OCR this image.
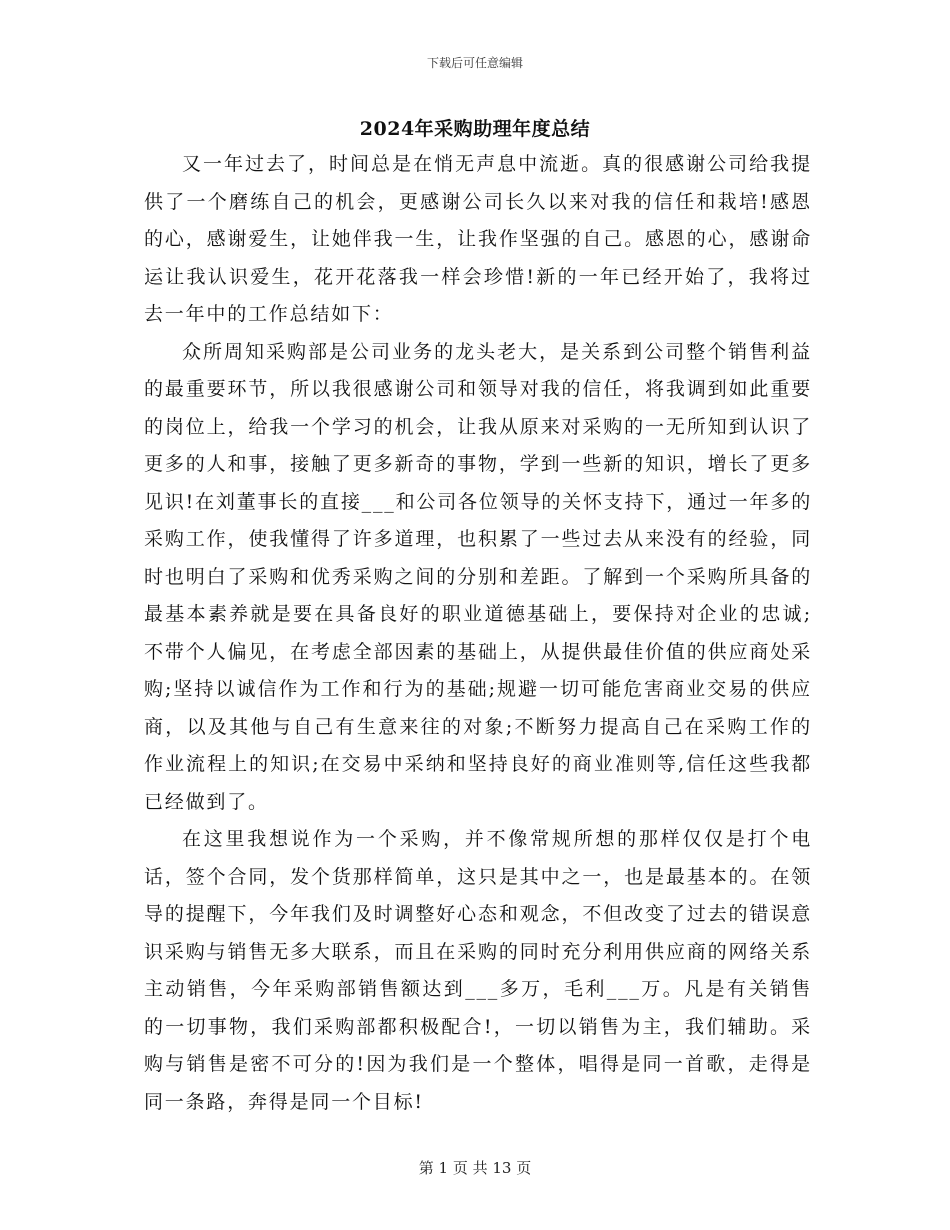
下载后可任意编辑
2024年采购助理年度总结

又一年过去了，时间总是在悄无声息中流逝。真的很感谢公司给我提供了一个磨练自己的机会，更感谢公司长久以来对我的信任和栽培!感恩的心，感谢爱生，让她伴我一生，让我作坚强的自己。感恩的心，感谢命运让我认识爱生，花开花落我一样会珍惜!新的一年已经开始了，我将过去一年中的工作总结如下：

众所周知采购部是公司业务的龙头老大，是关系到公司整个销售利益的最重要环节，所以我很感谢公司和领导对我的信任，将我调到如此重要的岗位上，给我一个学习的机会，让我从原来对采购的一无所知到认识了更多的人和事，接触了更多新奇的事物，学到一些新的知识，增长了更多见识!在刘董事长的直接___和公司各位领导的关怀支持下，通过一年多的采购工作，使我懂得了许多道理，也积累了一些过去从来没有的经验，同时也明白了采购和优秀采购之间的分别和差距。了解到一个采购所具备的最基本素养就是要在具备良好的职业道德基础上，要保持对企业的忠诚;不带个人偏见，在考虑全部因素的基础上，从提供最佳价值的供应商处采购;坚持以诚信作为工作和行为的基础;规避一切可能危害商业交易的供应商，以及其他与自己有生意来往的对象;不断努力提高自己在采购工作的作业流程上的知识;在交易中采纳和坚持良好的商业准则等,信任这些我都已经做到了。

在这里我想说作为一个采购，并不像常规所想的那样仅仅是打个电话，签个合同，发个货那样简单，这只是其中之一，也是最基本的。在领导的提醒下，今年我们及时调整好心态和观念，不但改变了过去的错误意识采购与销售无多大联系，而且在采购的同时充分利用供应商的网络关系主动销售，今年采购部销售额达到___多万，毛利___万。凡是有关销售的一切事物，我们采购部都积极配合!，一切以销售为主，我们辅助。采购与销售是密不可分的!因为我们是一个整体，唱得是同一首歌，走得是同一条路，奔得是同一个目标!

第 1 页 共 13 页
